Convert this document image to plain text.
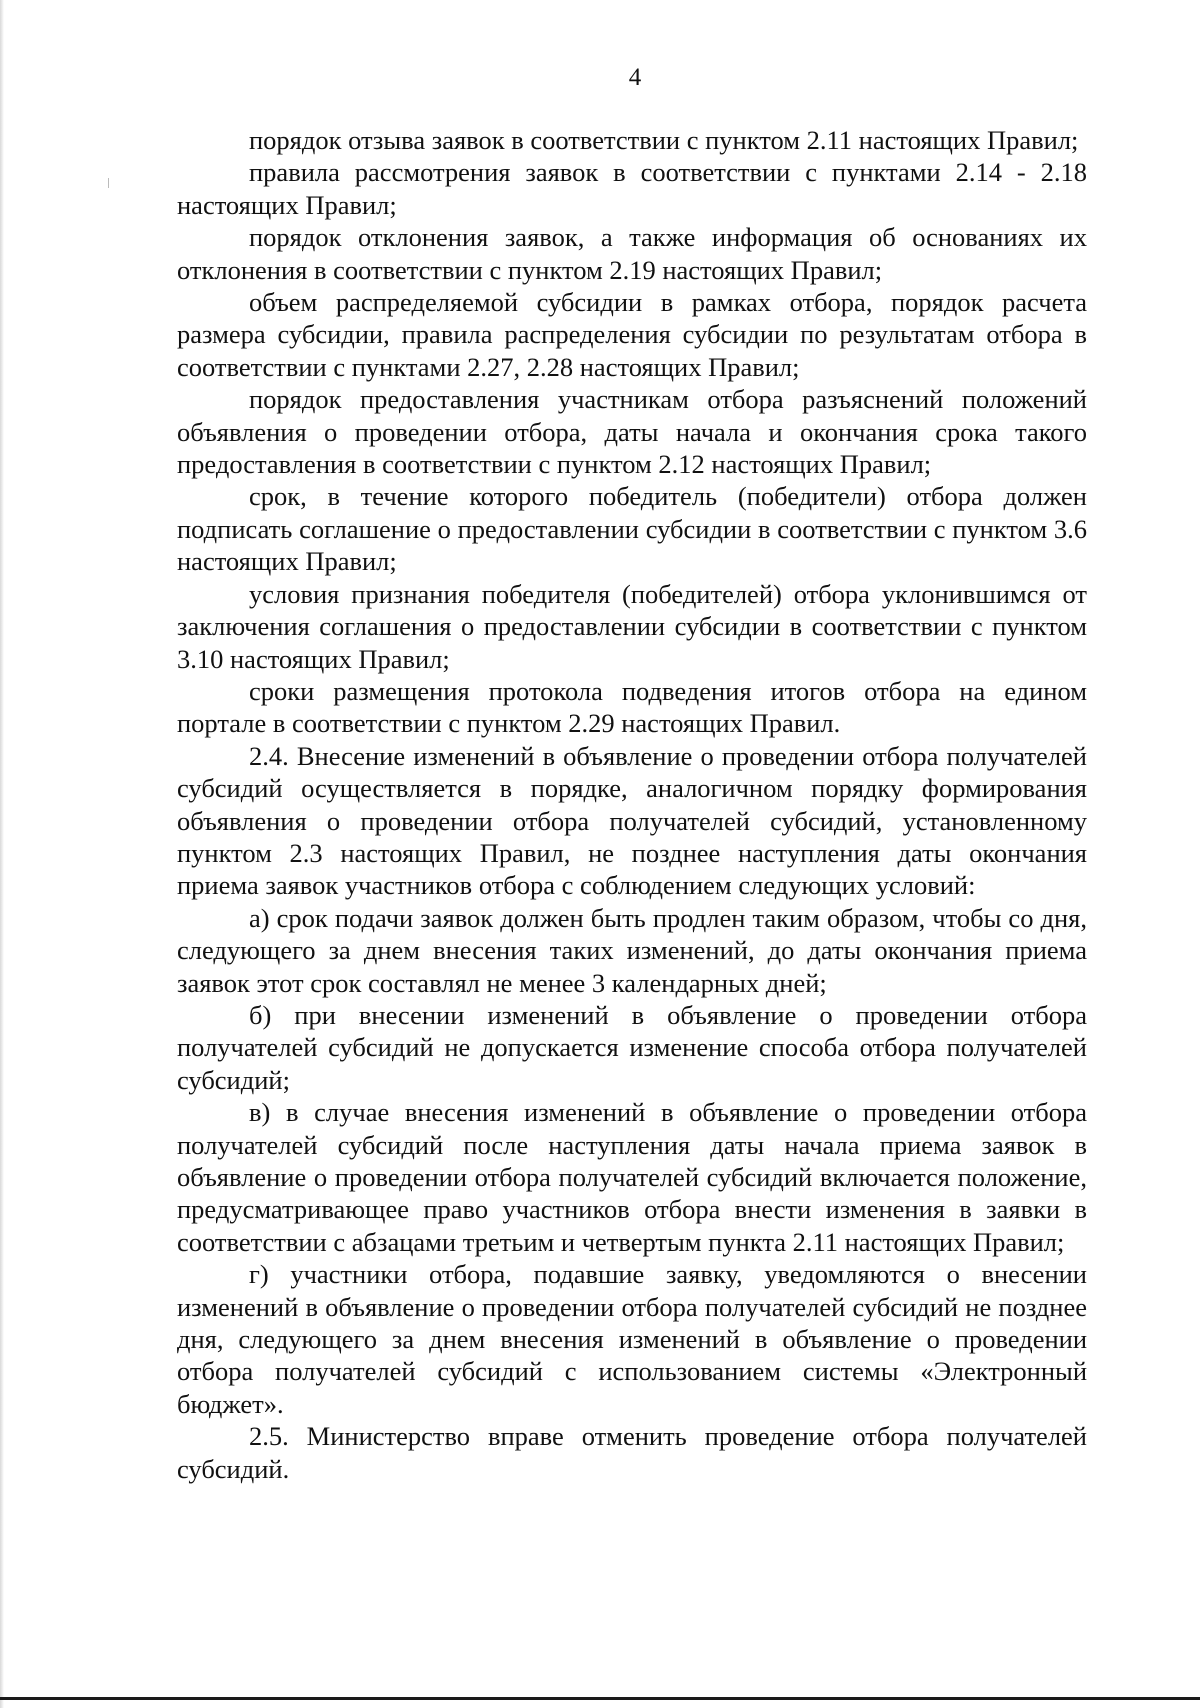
4

порядок отзыва заявок в соответствии с пунктом 2.11 настоящих Правил;

правила рассмотрения заявок в соответствии с пунктами 2.14 - 2.18 настоящих Правил;

порядок отклонения заявок, а также информация об основаниях их отклонения в соответствии с пунктом 2.19 настоящих Правил;

объем распределяемой субсидии в рамках отбора, порядок расчета размера субсидии, правила распределения субсидии по результатам отбора в соответствии с пунктами 2.27, 2.28 настоящих Правил;

порядок предоставления участникам отбора разъяснений положений объявления о проведении отбора, даты начала и окончания срока такого предоставления в соответствии с пунктом 2.12 настоящих Правил;

срок, в течение которого победитель (победители) отбора должен подписать соглашение о предоставлении субсидии в соответствии с пунктом 3.6 настоящих Правил;

условия признания победителя (победителей) отбора уклонившимся от заключения соглашения о предоставлении субсидии в соответствии с пунктом 3.10 настоящих Правил;

сроки размещения протокола подведения итогов отбора на едином портале в соответствии с пунктом 2.29 настоящих Правил.

2.4. Внесение изменений в объявление о проведении отбора получателей субсидий осуществляется в порядке, аналогичном порядку формирования объявления о проведении отбора получателей субсидий, установленному пунктом 2.3 настоящих Правил, не позднее наступления даты окончания приема заявок участников отбора с соблюдением следующих условий:

а) срок подачи заявок должен быть продлен таким образом, чтобы со дня, следующего за днем внесения таких изменений, до даты окончания приема заявок этот срок составлял не менее 3 календарных дней;

б) при внесении изменений в объявление о проведении отбора получателей субсидий не допускается изменение способа отбора получателей субсидий;

в) в случае внесения изменений в объявление о проведении отбора получателей субсидий после наступления даты начала приема заявок в объявление о проведении отбора получателей субсидий включается положение, предусматривающее право участников отбора внести изменения в заявки в соответствии с абзацами третьим и четвертым пункта 2.11 настоящих Правил;

г) участники отбора, подавшие заявку, уведомляются о внесении изменений в объявление о проведении отбора получателей субсидий не позднее дня, следующего за днем внесения изменений в объявление о проведении отбора получателей субсидий с использованием системы «Электронный бюджет».

2.5. Министерство вправе отменить проведение отбора получателей субсидий.
